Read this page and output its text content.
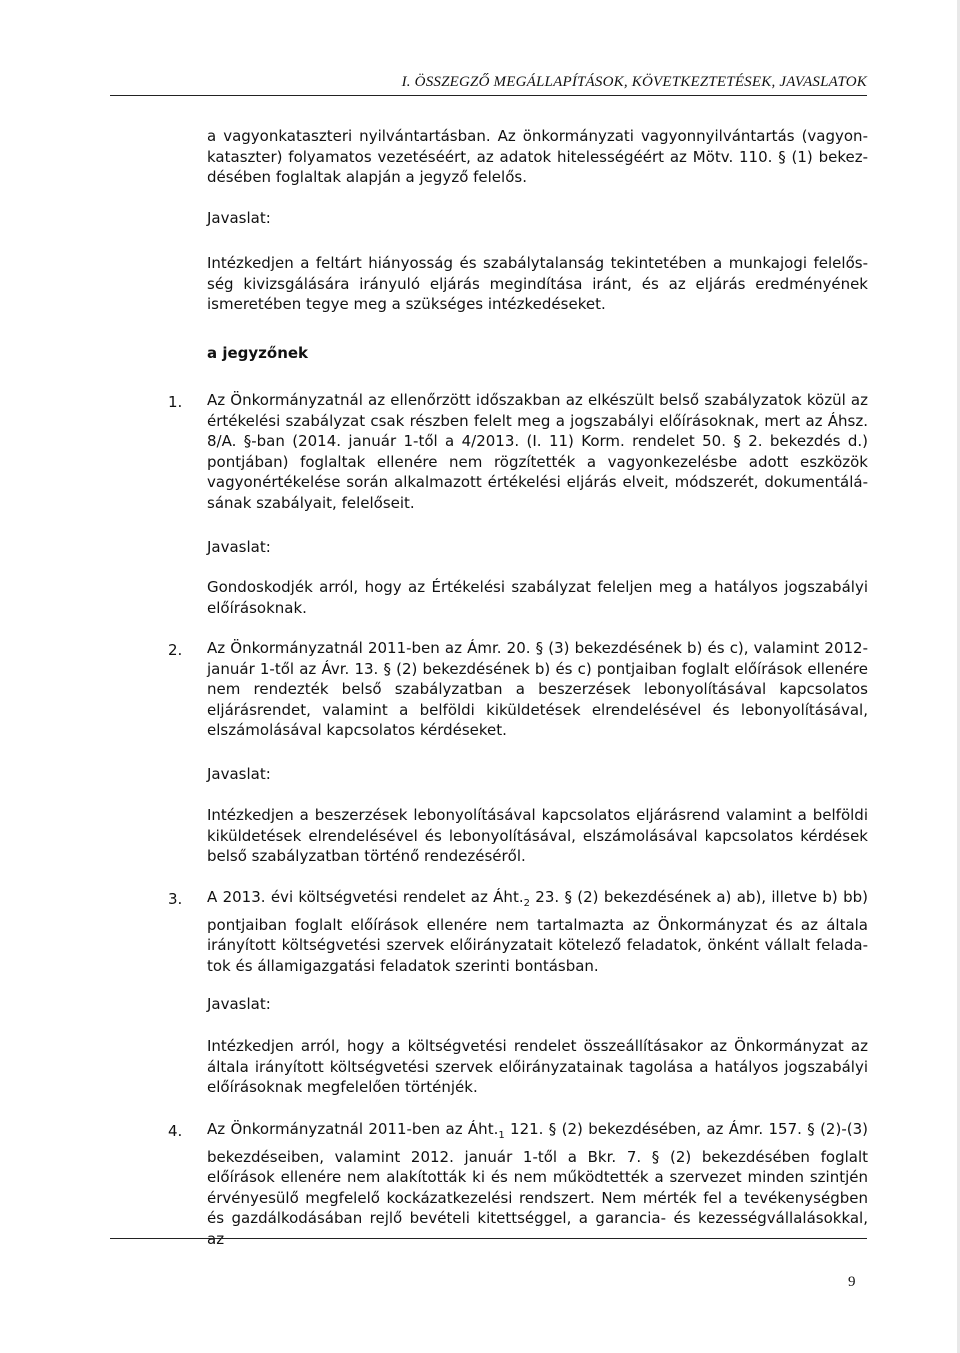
I. ÖSSZEGZŐ MEGÁLLAPÍTÁSOK, KÖVETKEZTETÉSEK, JAVASLATOK
a vagyonkataszteri nyilvántartásban. Az önkormányzati vagyonnyilvántartás (vagyonkataszter) folyamatos vezetéséért, az adatok hitelességéért az Mötv. 110. § (1) bekezdésében foglaltak alapján a jegyző felelős.
Javaslat:
Intézkedjen a feltárt hiányosság és szabálytalanság tekintetében a munkajogi felelősség kivizsgálására irányuló eljárás megindítása iránt, és az eljárás eredményének ismeretében tegye meg a szükséges intézkedéseket.
a jegyzőnek
1. Az Önkormányzatnál az ellenőrzött időszakban az elkészült belső szabályzatok közül az értékelési szabályzat csak részben felelt meg a jogszabályi előírásoknak, mert az Áhsz. 8/A. §-ban (2014. január 1-től a 4/2013. (I. 11) Korm. rendelet 50. § 2. bekezdés d.) pontjában) foglaltak ellenére nem rögzítették a vagyonkezelésbe adott eszközök vagyonértékelése során alkalmazott értékelési eljárás elveit, módszerét, dokumentálásának szabályait, felelőseit.
Javaslat:
Gondoskodjék arról, hogy az Értékelési szabályzat feleljen meg a hatályos jogszabályi előírásoknak.
2. Az Önkormányzatnál 2011-ben az Ámr. 20. § (3) bekezdésének b) és c), valamint 2012-január 1-től az Ávr. 13. § (2) bekezdésének b) és c) pontjaiban foglalt előírások ellenére nem rendezték belső szabályzatban a beszerzések lebonyolításával kapcsolatos eljárásrendet, valamint a belföldi kiküldetések elrendelésével és lebonyolításával, elszámolásával kapcsolatos kérdéseket.
Javaslat:
Intézkedjen a beszerzések lebonyolításával kapcsolatos eljárásrend valamint a belföldi kiküldetések elrendelésével és lebonyolításával, elszámolásával kapcsolatos kérdések belső szabályzatban történő rendezéséről.
3. A 2013. évi költségvetési rendelet az $Áht._2$ 23. § (2) bekezdésének a) ab), illetve b) bb) pontjaiban foglalt előírások ellenére nem tartalmazta az Önkormányzat és az általa irányított költségvetési szervek előirányzatait kötelező feladatok, önként vállalt feladatok és államigazgatási feladatok szerinti bontásban.
Javaslat:
Intézkedjen arról, hogy a költségvetési rendelet összeállításakor az Önkormányzat az általa irányított költségvetési szervek előirányzatainak tagolása a hatályos jogszabályi előírásoknak megfelelően történjék.
4. Az Önkormányzatnál 2011-ben az $Áht._1$ 121. § (2) bekezdésében, az Ámr. 157. § (2)-(3) bekezdéseiben, valamint 2012. január 1-től a Bkr. 7. § (2) bekezdésében foglalt előírások ellenére nem alakították ki és nem működtették a szervezet minden szintjén érvényesülő megfelelő kockázatkezelési rendszert. Nem mérték fel a tevékenységben és gazdálkodásában rejlő bevételi kitettséggel, a garancia- és kezességvállalásokkal, az
9
